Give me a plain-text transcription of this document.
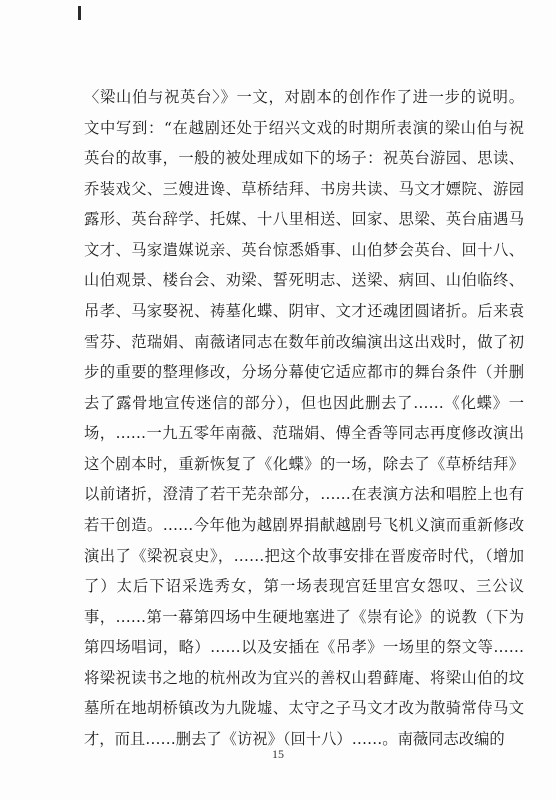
〈梁山伯与祝英台〉》一文，对剧本的创作作了进一步的说明。
文中写到：“在越剧还处于绍兴文戏的时期所表演的梁山伯与祝
英台的故事，一般的被处理成如下的场子：祝英台游园、思读、
乔装戏父、三嫂进谗、草桥结拜、书房共读、马文才嫖院、游园
露形、英台辞学、托媒、十八里相送、回家、思梁、英台庙遇马
文才、马家遣媒说亲、英台惊悉婚事、山伯梦会英台、回十八、
山伯观景、楼台会、劝梁、誓死明志、送梁、病回、山伯临终、
吊孝、马家娶祝、祷墓化蝶、阴审、文才还魂团圆诸折。后来袁
雪芬、范瑞娟、南薇诸同志在数年前改编演出这出戏时，做了初
步的重要的整理修改，分场分幕使它适应都市的舞台条件（并删
去了露骨地宣传迷信的部分），但也因此删去了……《化蝶》一
场，……一九五零年南薇、范瑞娟、傅全香等同志再度修改演出
这个剧本时，重新恢复了《化蝶》的一场，除去了《草桥结拜》
以前诸折，澄清了若干芜杂部分，……在表演方法和唱腔上也有
若干创造。……今年他为越剧界捐献越剧号飞机义演而重新修改
演出了《梁祝哀史》，……把这个故事安排在晋废帝时代，（增加
了）太后下诏采选秀女，第一场表现宫廷里宫女怨叹、三公议
事，……第一幕第四场中生硬地塞进了《崇有论》的说教（下为
第四场唱词，略）……以及安插在《吊孝》一场里的祭文等……
将梁祝读书之地的杭州改为宜兴的善权山碧藓庵、将梁山伯的坟
墓所在地胡桥镇改为九陇墟、太守之子马文才改为散骑常侍马文
才，而且……删去了《访祝》（回十八）……。南薇同志改编的
15
